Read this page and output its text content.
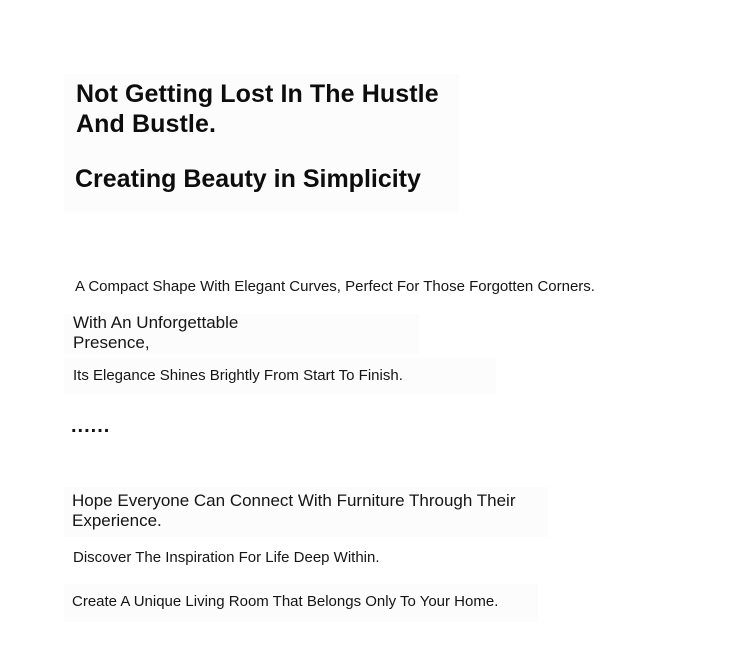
Not Getting Lost In The Hustle
And Bustle.
Creating Beauty in Simplicity
A Compact Shape With Elegant Curves, Perfect For Those Forgotten Corners.
With An Unforgettable
Presence,
Its Elegance Shines Brightly From Start To Finish.
......
Hope Everyone Can Connect With Furniture Through Their
Experience.
Discover The Inspiration For Life Deep Within.
Create A Unique Living Room That Belongs Only To Your Home.
